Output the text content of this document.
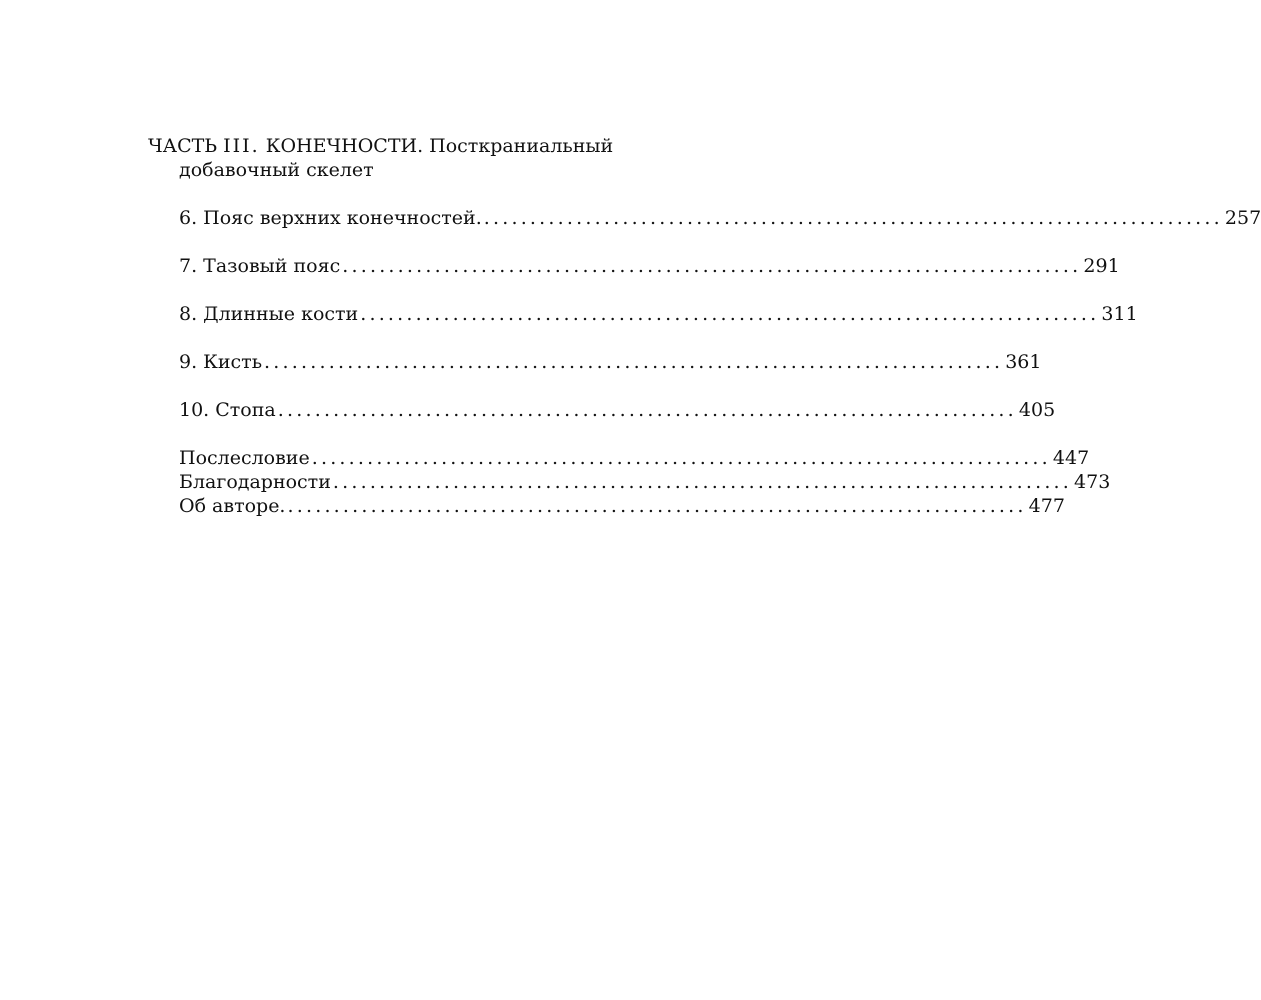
ЧАСТЬ III. КОНЕЧНОСТИ. Посткраниальный добавочный скелет
6. Пояс верхних конечностей. ................................................................................ 257
7. Тазовый пояс ................................................................................ 291
8. Длинные кости ................................................................................ 311
9. Кисть ................................................................................ 361
10. Стопа ................................................................................ 405
Послесловие ................................................................................ 447
Благодарности ................................................................................ 473
Об авторе. ................................................................................ 477
